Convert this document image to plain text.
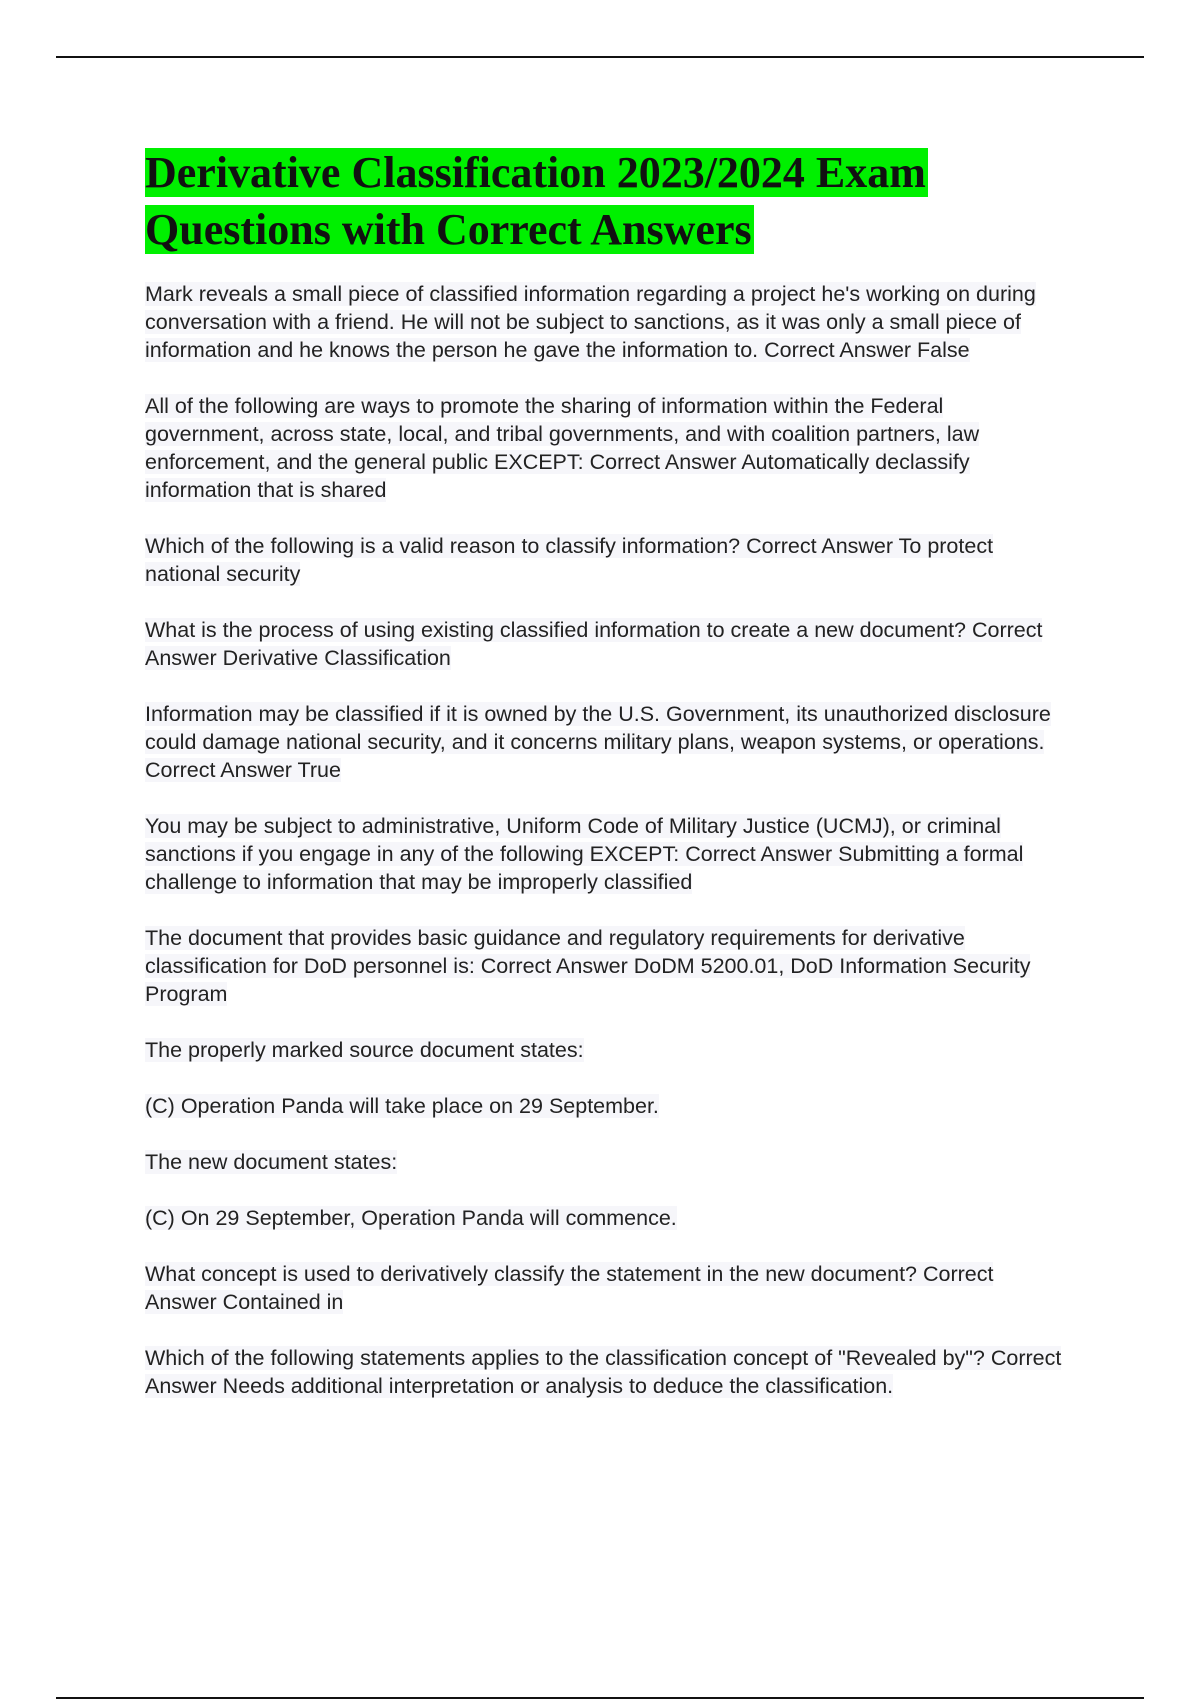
Derivative Classification 2023/2024 Exam Questions with Correct Answers

Mark reveals a small piece of classified information regarding a project he's working on during conversation with a friend. He will not be subject to sanctions, as it was only a small piece of information and he knows the person he gave the information to. Correct Answer False

All of the following are ways to promote the sharing of information within the Federal government, across state, local, and tribal governments, and with coalition partners, law enforcement, and the general public EXCEPT: Correct Answer Automatically declassify information that is shared

Which of the following is a valid reason to classify information? Correct Answer To protect national security

What is the process of using existing classified information to create a new document? Correct Answer Derivative Classification

Information may be classified if it is owned by the U.S. Government, its unauthorized disclosure could damage national security, and it concerns military plans, weapon systems, or operations. Correct Answer True

You may be subject to administrative, Uniform Code of Military Justice (UCMJ), or criminal sanctions if you engage in any of the following EXCEPT: Correct Answer Submitting a formal challenge to information that may be improperly classified

The document that provides basic guidance and regulatory requirements for derivative classification for DoD personnel is: Correct Answer DoDM 5200.01, DoD Information Security Program

The properly marked source document states:

(C) Operation Panda will take place on 29 September.

The new document states:

(C) On 29 September, Operation Panda will commence.

What concept is used to derivatively classify the statement in the new document? Correct Answer Contained in

Which of the following statements applies to the classification concept of "Revealed by"? Correct Answer Needs additional interpretation or analysis to deduce the classification.
